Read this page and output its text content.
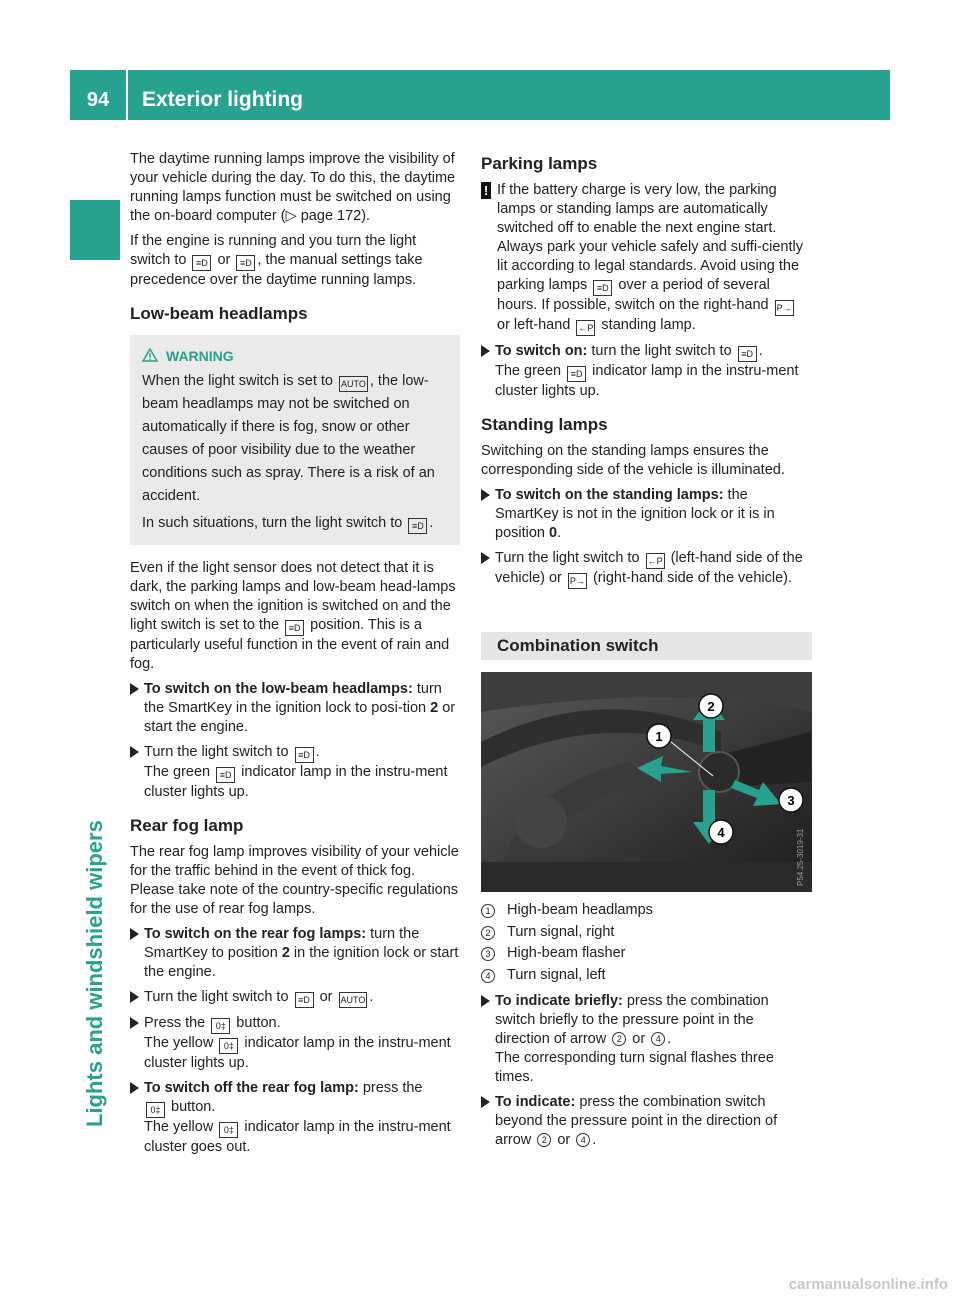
94	Exterior lighting
Lights and windshield wipers

The daytime running lamps improve the visibility of your vehicle during the day. To do this, the daytime running lamps function must be switched on using the on-board computer (▷ page 172).

If the engine is running and you turn the light switch to ≡D or ≡D , the manual settings take precedence over the daytime running lamps.

Low-beam headlamps
WARNING

When the light switch is set to AUTO , the low-beam headlamps may not be switched on automatically if there is fog, snow or other causes of poor visibility due to the weather conditions such as spray. There is a risk of an accident.

In such situations, turn the light switch to ≡D .

Even if the light sensor does not detect that it is dark, the parking lamps and low-beam head-lamps switch on when the ignition is switched on and the light switch is set to the ≡D position. This is a particularly useful function in the event of rain and fog.

To switch on the low-beam headlamps: turn the SmartKey in the ignition lock to posi-tion 2 or start the engine.
Turn the light switch to ≡D .
The green ≡D indicator lamp in the instru-ment cluster lights up.
Rear fog lamp

The rear fog lamp improves visibility of your vehicle for the traffic behind in the event of thick fog. Please take note of the country-specific regulations for the use of rear fog lamps.

To switch on the rear fog lamps: turn the SmartKey to position 2 in the ignition lock or start the engine.
Turn the light switch to ≡D or AUTO .
Press the 0‡ button.
The yellow 0‡ indicator lamp in the instru-ment cluster lights up.
To switch off the rear fog lamp: press the
0‡ button.
The yellow 0‡ indicator lamp in the instru-ment cluster goes out.
Parking lamps
! If the battery charge is very low, the parking lamps or standing lamps are automatically switched off to enable the next engine start. Always park your vehicle safely and suffi-ciently lit according to legal standards. Avoid using the parking lamps ≡D over a period of several hours. If possible, switch on the right-hand P→ or left-hand ←P standing lamp.
To switch on: turn the light switch to ≡D .
The green ≡D indicator lamp in the instru-ment cluster lights up.
Standing lamps

Switching on the standing lamps ensures the corresponding side of the vehicle is illuminated.

To switch on the standing lamps: the SmartKey is not in the ignition lock or it is in position 0.
Turn the light switch to ←P (left-hand side of the vehicle) or P→ (right-hand side of the vehicle).
Combination switch
1
2
3
4	P54.25-3019-31
1	High-beam headlamps
2	Turn signal, right
3	High-beam flasher
4	Turn signal, left
To indicate briefly: press the combination switch briefly to the pressure point in the direction of arrow 2 or 4 .
The corresponding turn signal flashes three times.
To indicate: press the combination switch beyond the pressure point in the direction of arrow 2 or 4 .
carmanualsonline.info
